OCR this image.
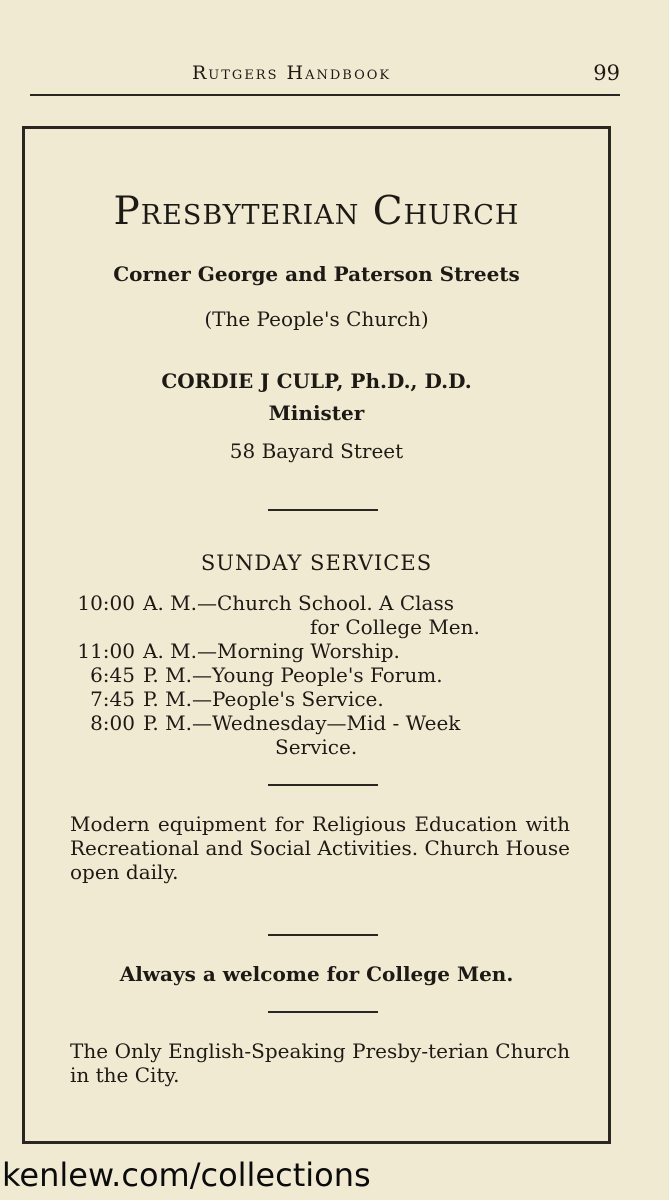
Rutgers Handbook	99
Presbyterian Church
Corner George and Paterson Streets
(The People's Church)
CORDIE J CULP, Ph.D., D.D.
Minister
58 Bayard Street
SUNDAY SERVICES
10:00 A. M.—Church School. A Class
for College Men.
11:00 A. M.—Morning Worship.
6:45 P. M.—Young People's Forum.
7:45 P. M.—People's Service.
8:00 P. M.—Wednesday—Mid - Week
Service.
Modern equipment for Religious Education with Recreational and Social Activities. Church House open daily.
Always a welcome for College Men.
The Only English-Speaking Presby-terian Church in the City.
kenlew.com/collections
